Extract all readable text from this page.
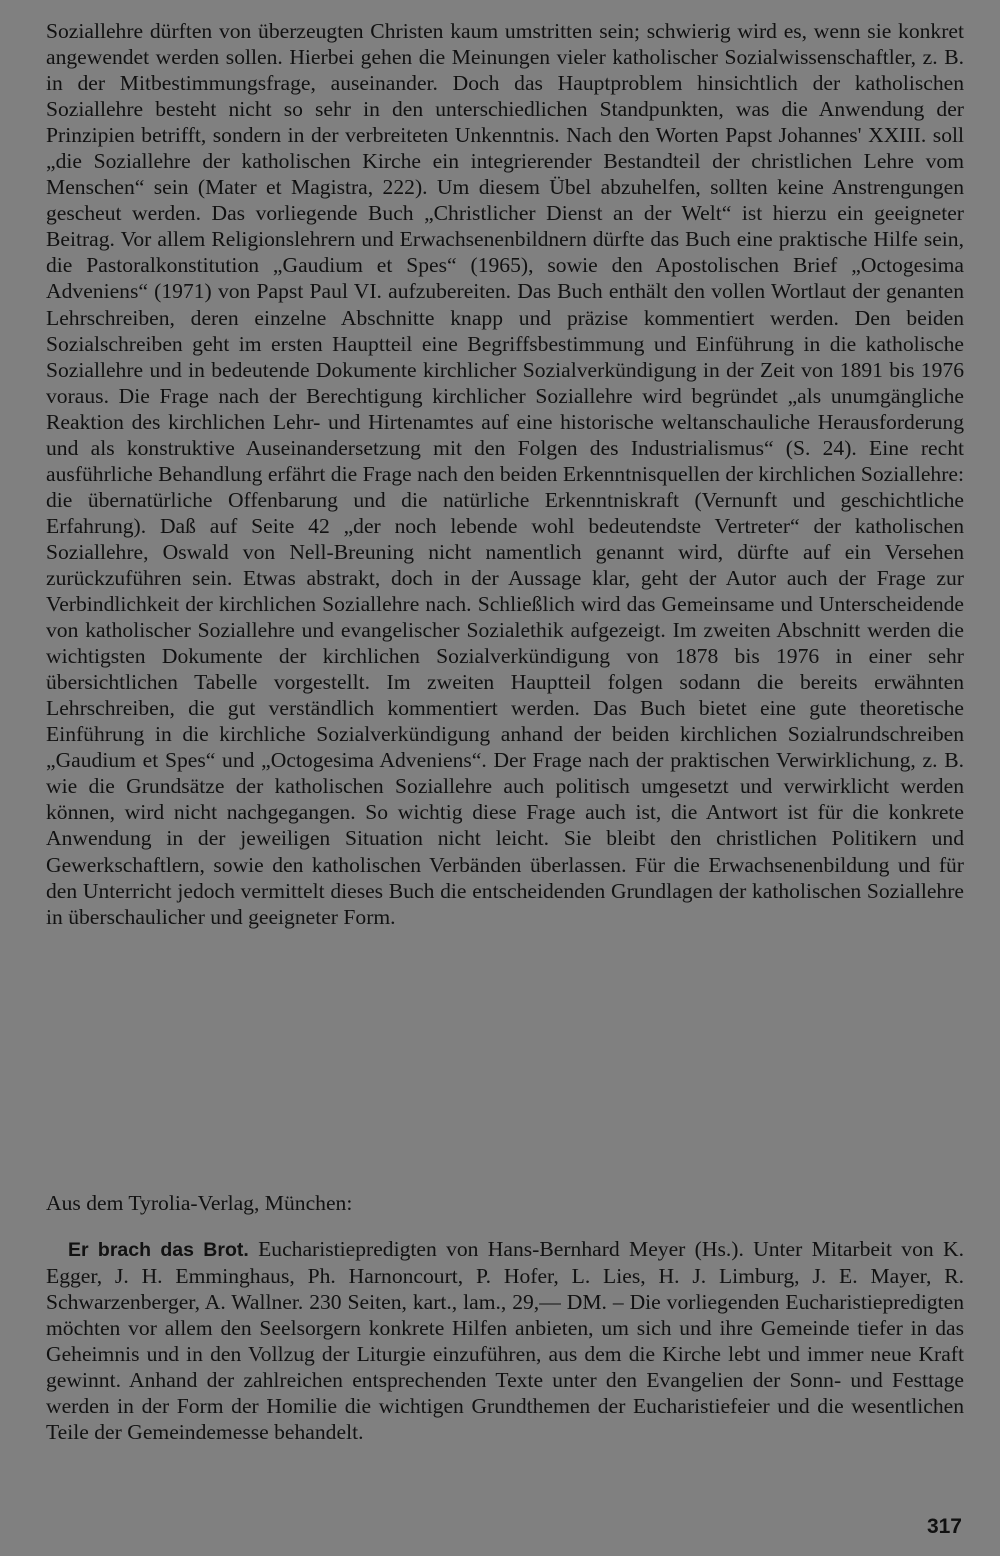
Soziallehre dürften von überzeugten Christen kaum umstritten sein; schwierig wird es, wenn sie konkret angewendet werden sollen. Hierbei gehen die Meinungen vieler katholischer Sozialwissenschaftler, z. B. in der Mitbestimmungsfrage, auseinander. Doch das Hauptproblem hinsichtlich der katholischen Soziallehre besteht nicht so sehr in den unterschiedlichen Standpunkten, was die Anwendung der Prinzipien betrifft, sondern in der verbreiteten Unkenntnis. Nach den Worten Papst Johannes' XXIII. soll „die Soziallehre der katholischen Kirche ein integrierender Bestandteil der christlichen Lehre vom Menschen“ sein (Mater et Magistra, 222). Um diesem Übel abzuhelfen, sollten keine Anstrengungen gescheut werden. Das vorliegende Buch „Christlicher Dienst an der Welt“ ist hierzu ein geeigneter Beitrag. Vor allem Religionslehrern und Erwachsenenbildnern dürfte das Buch eine praktische Hilfe sein, die Pastoralkonstitution „Gaudium et Spes“ (1965), sowie den Apostolischen Brief „Octogesima Adveniens“ (1971) von Papst Paul VI. aufzubereiten. Das Buch enthält den vollen Wortlaut der genanten Lehrschreiben, deren einzelne Abschnitte knapp und präzise kommentiert werden. Den beiden Sozialschreiben geht im ersten Hauptteil eine Begriffsbestimmung und Einführung in die katholische Soziallehre und in bedeutende Dokumente kirchlicher Sozialverkündigung in der Zeit von 1891 bis 1976 voraus. Die Frage nach der Berechtigung kirchlicher Soziallehre wird begründet „als unumgängliche Reaktion des kirchlichen Lehr- und Hirtenamtes auf eine historische weltanschauliche Herausforderung und als konstruktive Auseinandersetzung mit den Folgen des Industrialismus“ (S. 24). Eine recht ausführliche Behandlung erfährt die Frage nach den beiden Erkenntnisquellen der kirchlichen Soziallehre: die übernatürliche Offenbarung und die natürliche Erkenntniskraft (Vernunft und geschichtliche Erfahrung). Daß auf Seite 42 „der noch lebende wohl bedeutendste Vertreter“ der katholischen Soziallehre, Oswald von Nell-Breuning nicht namentlich genannt wird, dürfte auf ein Versehen zurückzuführen sein. Etwas abstrakt, doch in der Aussage klar, geht der Autor auch der Frage zur Verbindlichkeit der kirchlichen Soziallehre nach. Schließlich wird das Gemeinsame und Unterscheidende von katholischer Soziallehre und evangelischer Sozialethik aufgezeigt. Im zweiten Abschnitt werden die wichtigsten Dokumente der kirchlichen Sozialverkündigung von 1878 bis 1976 in einer sehr übersichtlichen Tabelle vorgestellt. Im zweiten Hauptteil folgen sodann die bereits erwähnten Lehrschreiben, die gut verständlich kommentiert werden. Das Buch bietet eine gute theoretische Einführung in die kirchliche Sozialverkündigung anhand der beiden kirchlichen Sozialrundschreiben „Gaudium et Spes“ und „Octogesima Adveniens“. Der Frage nach der praktischen Verwirklichung, z. B. wie die Grundsätze der katholischen Soziallehre auch politisch umgesetzt und verwirklicht werden können, wird nicht nachgegangen. So wichtig diese Frage auch ist, die Antwort ist für die konkrete Anwendung in der jeweiligen Situation nicht leicht. Sie bleibt den christlichen Politikern und Gewerkschaftlern, sowie den katholischen Verbänden überlassen. Für die Erwachsenenbildung und für den Unterricht jedoch vermittelt dieses Buch die entscheidenden Grundlagen der katholischen Soziallehre in überschaulicher und geeigneter Form.

Aus dem Tyrolia-Verlag, München:

Er brach das Brot. Eucharistiepredigten von Hans-Bernhard Meyer (Hs.). Unter Mitarbeit von K. Egger, J. H. Emminghaus, Ph. Harnoncourt, P. Hofer, L. Lies, H. J. Limburg, J. E. Mayer, R. Schwarzenberger, A. Wallner. 230 Seiten, kart., lam., 29,— DM. – Die vorliegenden Eucharistiepredigten möchten vor allem den Seelsorgern konkrete Hilfen anbieten, um sich und ihre Gemeinde tiefer in das Geheimnis und in den Vollzug der Liturgie einzuführen, aus dem die Kirche lebt und immer neue Kraft gewinnt. Anhand der zahlreichen entsprechenden Texte unter den Evangelien der Sonn- und Festtage werden in der Form der Homilie die wichtigen Grundthemen der Eucharistiefeier und die wesentlichen Teile der Gemeindemesse behandelt.

317
